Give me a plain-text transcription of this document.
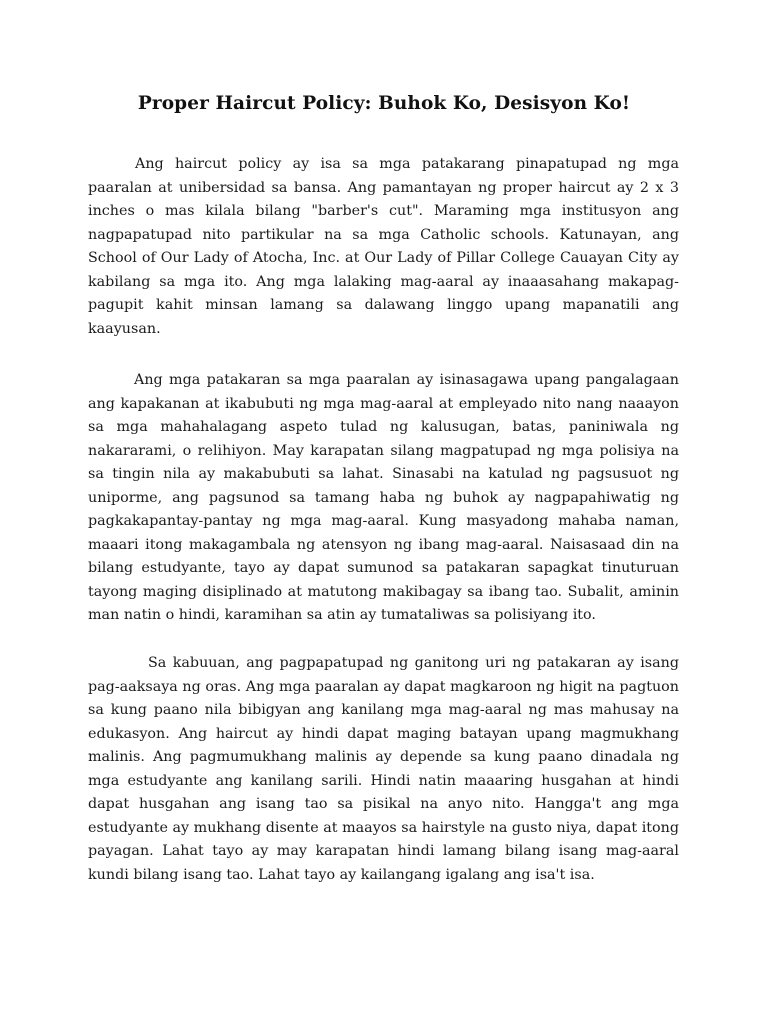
Proper Haircut Policy: Buhok Ko, Desisyon Ko!

Ang haircut policy ay isa sa mga patakarang pinapatupad ng mga paaralan at unibersidad sa bansa. Ang pamantayan ng proper haircut ay 2 x 3 inches o mas kilala bilang "barber's cut". Maraming mga institusyon ang nagpapatupad nito partikular na sa mga Catholic schools. Katunayan, ang School of Our Lady of Atocha, Inc. at Our Lady of Pillar College Cauayan City ay kabilang sa mga ito. Ang mga lalaking mag-aaral ay inaaasahang makapag-pagupit kahit minsan lamang sa dalawang linggo upang mapanatili ang kaayusan.

Ang mga patakaran sa mga paaralan ay isinasagawa upang pangalagaan ang kapakanan at ikabubuti ng mga mag-aaral at empleyado nito nang naaayon sa mga mahahalagang aspeto tulad ng kalusugan, batas, paniniwala ng nakararami, o relihiyon. May karapatan silang magpatupad ng mga polisiya na sa tingin nila ay makabubuti sa lahat. Sinasabi na katulad ng pagsusuot ng uniporme, ang pagsunod sa tamang haba ng buhok ay nagpapahiwatig ng pagkakapantay-pantay ng mga mag-aaral. Kung masyadong mahaba naman, maaari itong makagambala ng atensyon ng ibang mag-aaral. Naisasaad din na bilang estudyante, tayo ay dapat sumunod sa patakaran sapagkat tinuturuan tayong maging disiplinado at matutong makibagay sa ibang tao. Subalit, aminin man natin o hindi, karamihan sa atin ay tumataliwas sa polisiyang ito.

Sa kabuuan, ang pagpapatupad ng ganitong uri ng patakaran ay isang pag-aaksaya ng oras. Ang mga paaralan ay dapat magkaroon ng higit na pagtuon sa kung paano nila bibigyan ang kanilang mga mag-aaral ng mas mahusay na edukasyon. Ang haircut ay hindi dapat maging batayan upang magmukhang malinis. Ang pagmumukhang malinis ay depende sa kung paano dinadala ng mga estudyante ang kanilang sarili. Hindi natin maaaring husgahan at hindi dapat husgahan ang isang tao sa pisikal na anyo nito. Hangga't ang mga estudyante ay mukhang disente at maayos sa hairstyle na gusto niya, dapat itong payagan. Lahat tayo ay may karapatan hindi lamang bilang isang mag-aaral kundi bilang isang tao. Lahat tayo ay kailangang igalang ang isa't isa.
